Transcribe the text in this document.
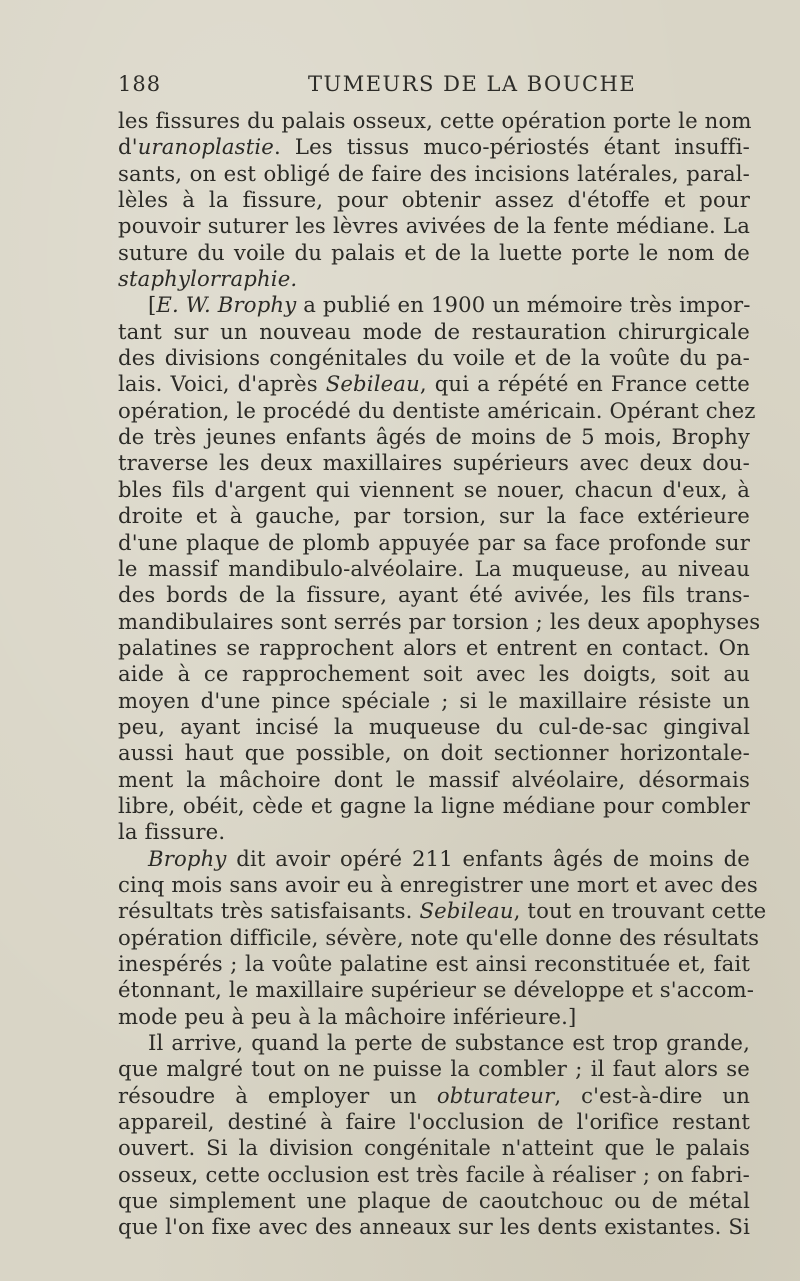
188	TUMEURS DE LA BOUCHE
les fissures du palais osseux, cette opération porte le nom
d'uranoplastie. Les tissus muco-périostés étant insuffi-
sants, on est obligé de faire des incisions latérales, paral-
lèles à la fissure, pour obtenir assez d'étoffe et pour
pouvoir suturer les lèvres avivées de la fente médiane. La
suture du voile du palais et de la luette porte le nom de
staphylorraphie.
[E. W. Brophy a publié en 1900 un mémoire très impor-
tant sur un nouveau mode de restauration chirurgicale
des divisions congénitales du voile et de la voûte du pa-
lais. Voici, d'après Sebileau, qui a répété en France cette
opération, le procédé du dentiste américain. Opérant chez
de très jeunes enfants âgés de moins de 5 mois, Brophy
traverse les deux maxillaires supérieurs avec deux dou-
bles fils d'argent qui viennent se nouer, chacun d'eux, à
droite et à gauche, par torsion, sur la face extérieure
d'une plaque de plomb appuyée par sa face profonde sur
le massif mandibulo-alvéolaire. La muqueuse, au niveau
des bords de la fissure, ayant été avivée, les fils trans-
mandibulaires sont serrés par torsion ; les deux apophyses
palatines se rapprochent alors et entrent en contact. On
aide à ce rapprochement soit avec les doigts, soit au
moyen d'une pince spéciale ; si le maxillaire résiste un
peu, ayant incisé la muqueuse du cul-de-sac gingival
aussi haut que possible, on doit sectionner horizontale-
ment la mâchoire dont le massif alvéolaire, désormais
libre, obéit, cède et gagne la ligne médiane pour combler
la fissure.
Brophy dit avoir opéré 211 enfants âgés de moins de
cinq mois sans avoir eu à enregistrer une mort et avec des
résultats très satisfaisants. Sebileau, tout en trouvant cette
opération difficile, sévère, note qu'elle donne des résultats
inespérés ; la voûte palatine est ainsi reconstituée et, fait
étonnant, le maxillaire supérieur se développe et s'accom-
mode peu à peu à la mâchoire inférieure.]
Il arrive, quand la perte de substance est trop grande,
que malgré tout on ne puisse la combler ; il faut alors se
résoudre à employer un obturateur, c'est-à-dire un
appareil, destiné à faire l'occlusion de l'orifice restant
ouvert. Si la division congénitale n'atteint que le palais
osseux, cette occlusion est très facile à réaliser ; on fabri-
que simplement une plaque de caoutchouc ou de métal
que l'on fixe avec des anneaux sur les dents existantes. Si
